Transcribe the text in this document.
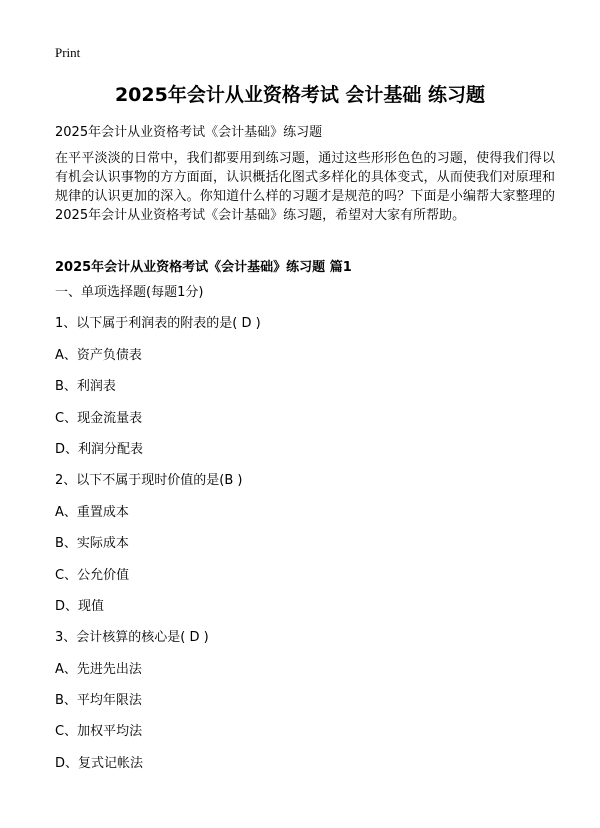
Print
2025年会计从业资格考试 会计基础 练习题
2025年会计从业资格考试《会计基础》练习题

在平平淡淡的日常中，我们都要用到练习题，通过这些形形色色的习题，使得我们得以有机会认识事物的方方面面，认识概括化图式多样化的具体变式，从而使我们对原理和规律的认识更加的深入。你知道什么样的习题才是规范的吗？下面是小编帮大家整理的2025年会计从业资格考试《会计基础》练习题，希望对大家有所帮助。

2025年会计从业资格考试《会计基础》练习题 篇1
一、单项选择题(每题1分)
1、以下属于利润表的附表的是( D )
A、资产负债表
B、利润表
C、现金流量表
D、利润分配表
2、以下不属于现时价值的是(B )
A、重置成本
B、实际成本
C、公允价值
D、现值
3、会计核算的核心是( D )
A、先进先出法
B、平均年限法
C、加权平均法
D、复式记帐法
